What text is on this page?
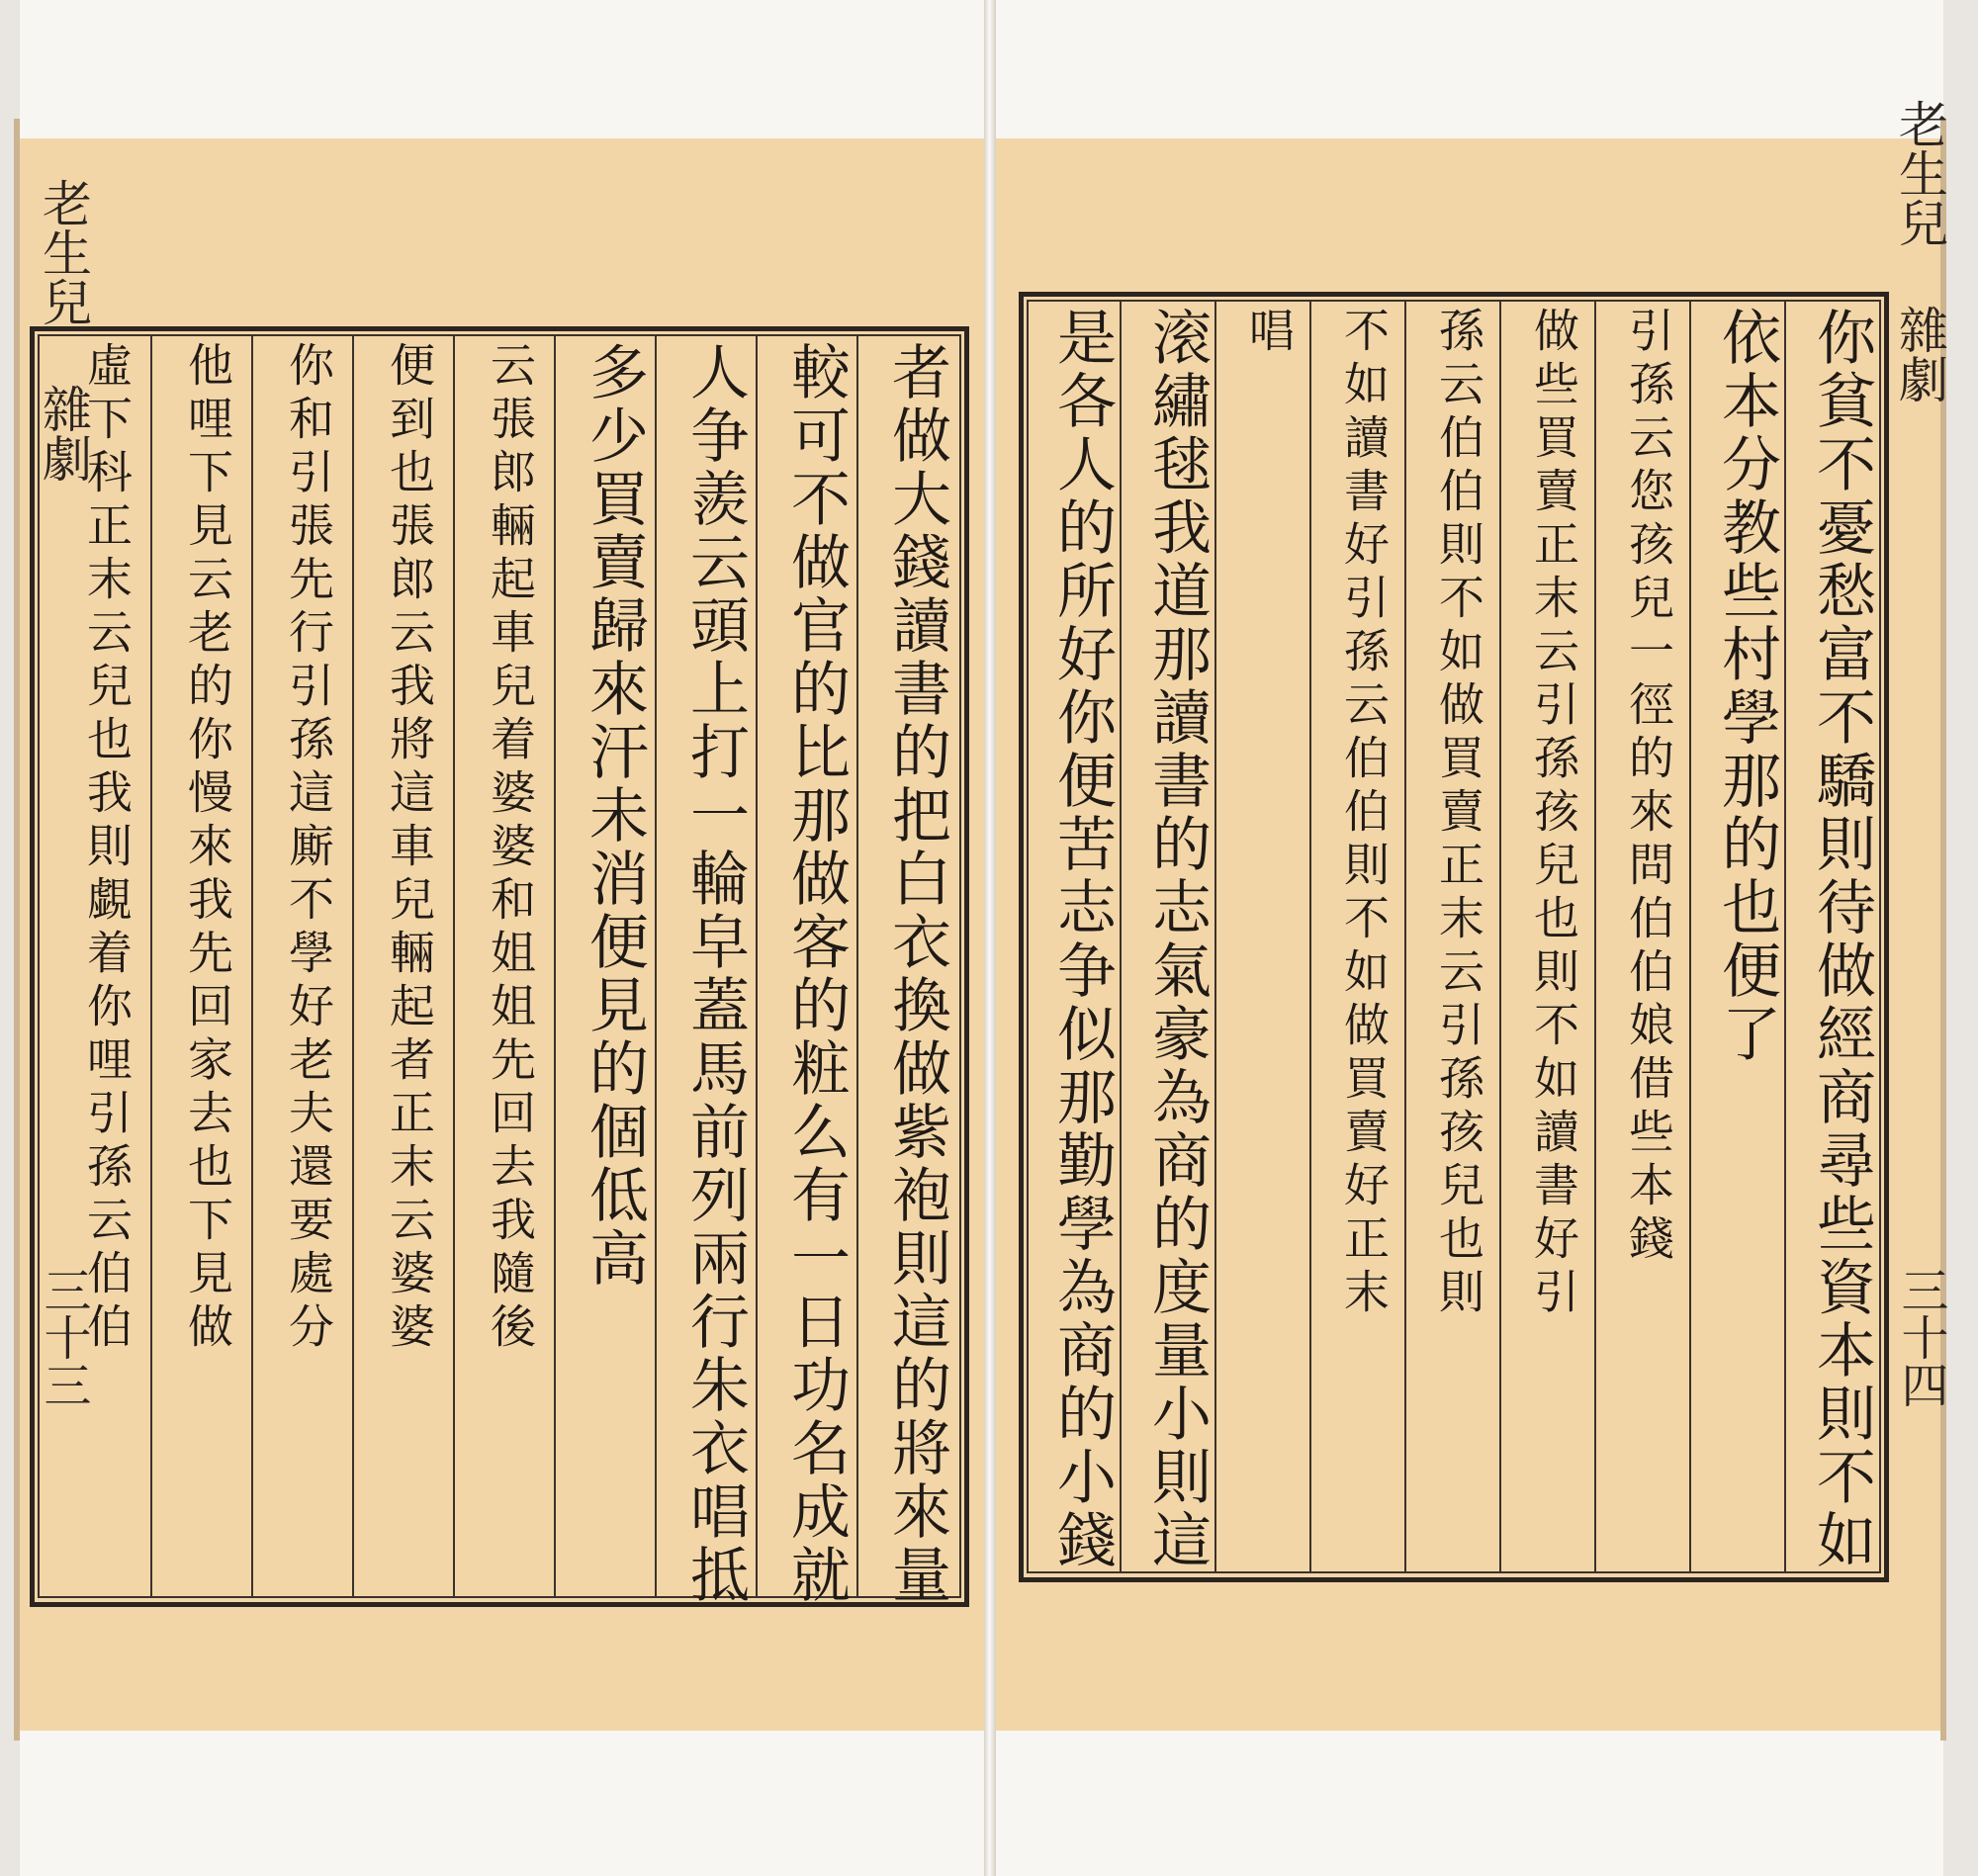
老生兒 雜劇
三十三	者做大錢讀書的把白衣換做紫袍則這的將來量
較可不做官的比那做客的粧么有一日功名成就
人争羨云頭上打一輪皁蓋馬前列兩行朱衣唱抵
多少買賣歸來汗未消便見的個低高
云張郎輛起車兒着婆婆和姐姐先回去我隨後
便到也張郎云我將這車兒輛起者正末云婆婆
你和引張先行引孫這廝不學好老夫還要處分
他哩下見云老的你慢來我先回家去也下見做
虛下科正末云兒也我則覷着你哩引孫云伯伯
老生兒 雜劇
三十四
你貧不憂愁富不驕則待做經商尋些資本則不如
依本分教些村學那的也便了
引孫云您孩兒一徑的來問伯伯娘借些本錢
做些買賣正末云引孫孩兒也則不如讀書好引
孫云伯伯則不如做買賣正末云引孫孩兒也則
不如讀書好引孫云伯伯則不如做買賣好正末
唱
滚繡毬我道那讀書的志氣豪為商的度量小則這
是各人的所好你便苦志争似那勤學為商的小錢
